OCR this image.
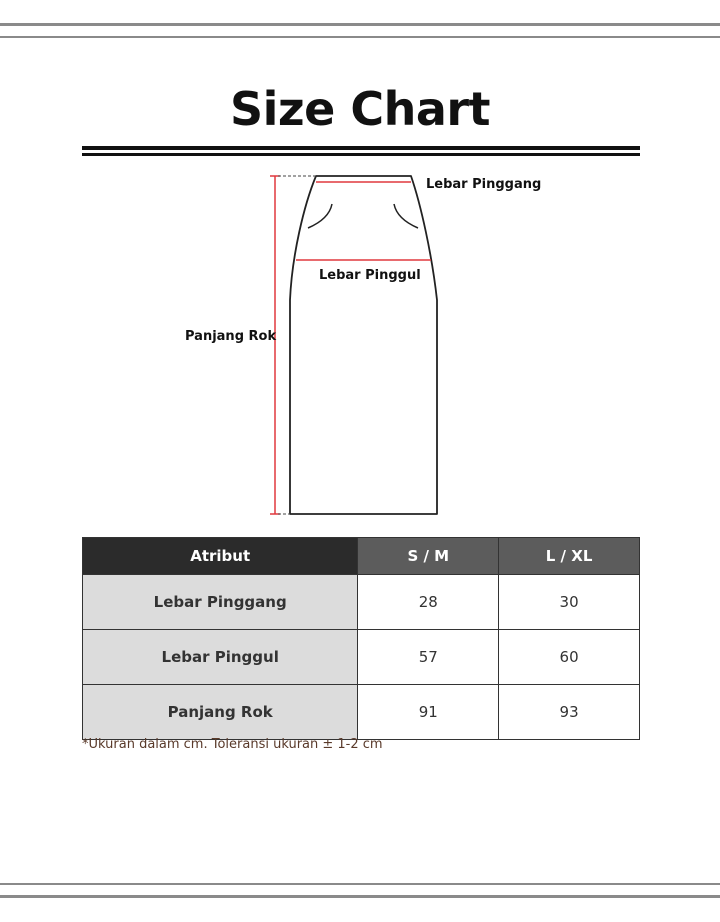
Size Chart
Lebar Pinggang
Lebar Pinggul
Panjang Rok
Atribut	S / M	L / XL
Lebar Pinggang	28	30
Lebar Pinggul	57	60
Panjang Rok	91	93
*Ukuran dalam cm. Toleransi ukuran ± 1-2 cm
